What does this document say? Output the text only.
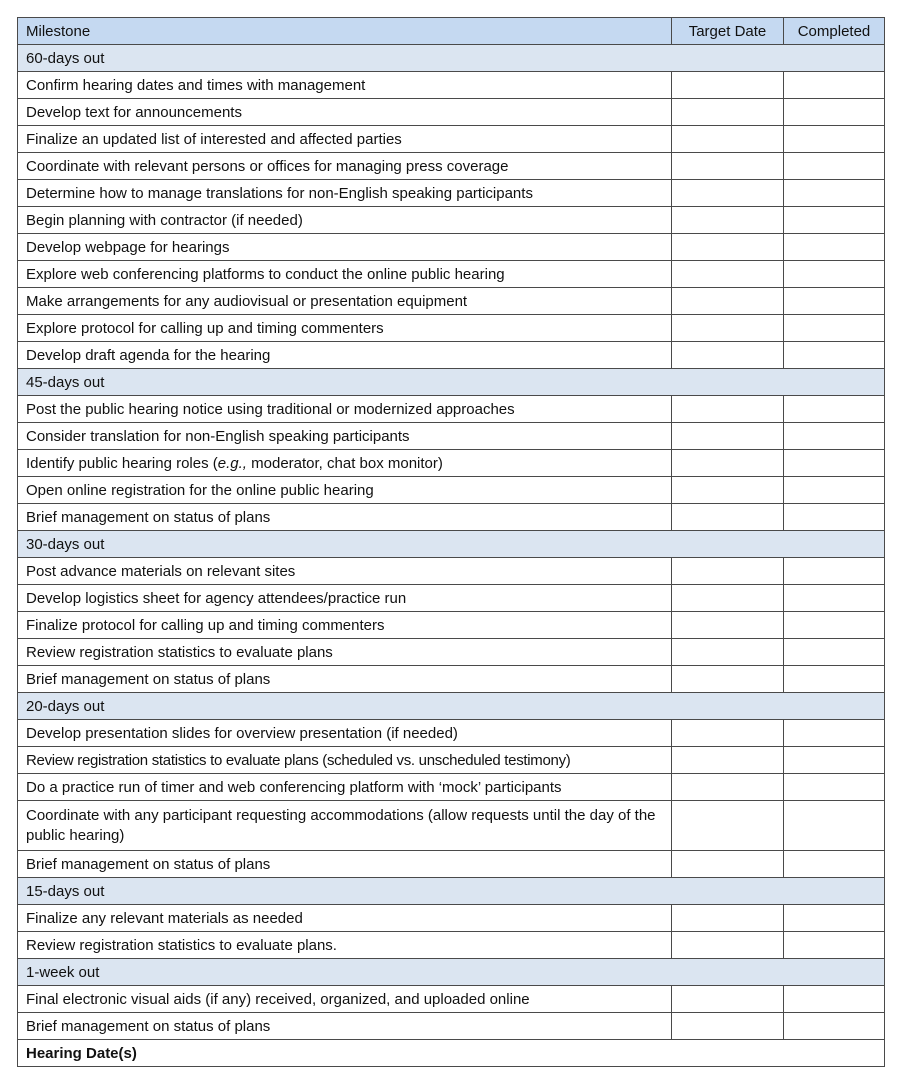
Milestone	Target Date	Completed
60-days out		
Confirm hearing dates and times with management		
Develop text for announcements		
Finalize an updated list of interested and affected parties		
Coordinate with relevant persons or offices for managing press coverage		
Determine how to manage translations for non-English speaking participants		
Begin planning with contractor (if needed)		
Develop webpage for hearings		
Explore web conferencing platforms to conduct the online public hearing		
Make arrangements for any audiovisual or presentation equipment		
Explore protocol for calling up and timing commenters		
Develop draft agenda for the hearing		
45-days out		
Post the public hearing notice using traditional or modernized approaches		
Consider translation for non-English speaking participants		
Identify public hearing roles (e.g., moderator, chat box monitor)		
Open online registration for the online public hearing		
Brief management on status of plans		
30-days out		
Post advance materials on relevant sites		
Develop logistics sheet for agency attendees/practice run		
Finalize protocol for calling up and timing commenters		
Review registration statistics to evaluate plans		
Brief management on status of plans		
20-days out		
Develop presentation slides for overview presentation (if needed)		
Review registration statistics to evaluate plans (scheduled vs. unscheduled testimony)		
Do a practice run of timer and web conferencing platform with ‘mock’ participants		
Coordinate with any participant requesting accommodations (allow requests until the day of the public hearing)		
Brief management on status of plans		
15-days out		
Finalize any relevant materials as needed		
Review registration statistics to evaluate plans.		
1-week out		
Final electronic visual aids (if any) received, organized, and uploaded online		
Brief management on status of plans		
Hearing Date(s)		
